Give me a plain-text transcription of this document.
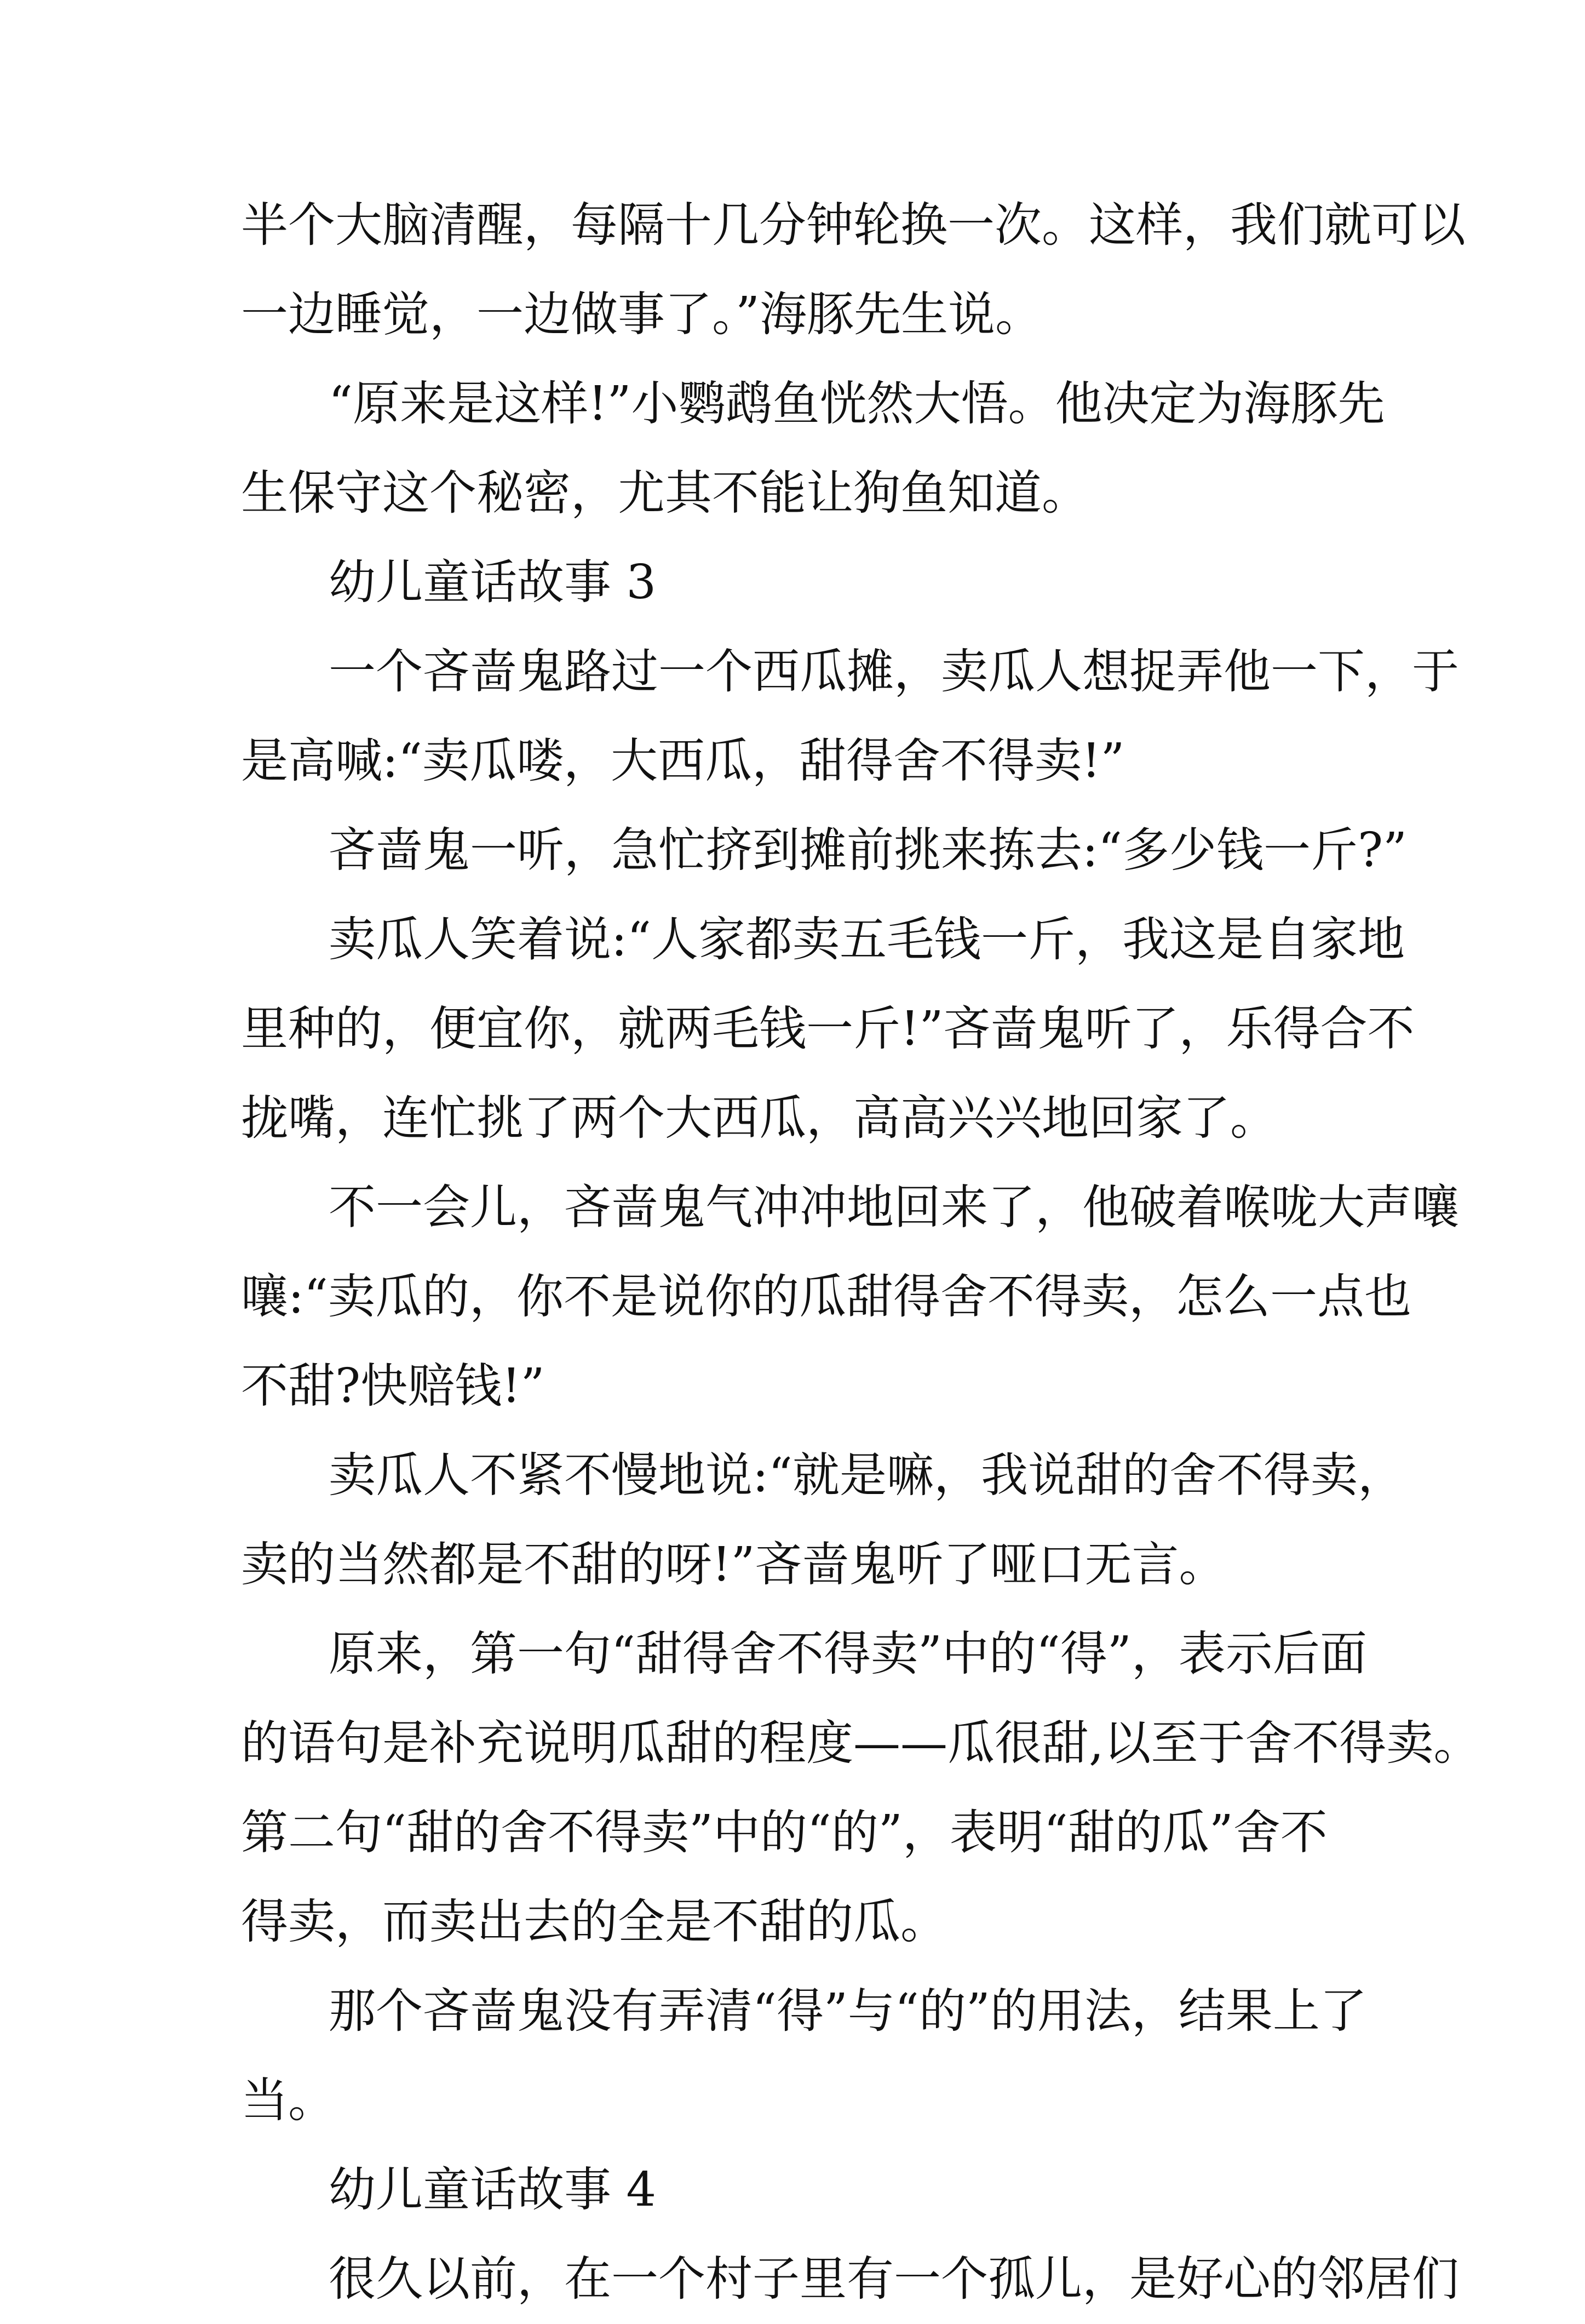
半个大脑清醒，每隔十几分钟轮换一次。这样，我们就可以
一边睡觉，一边做事了。”海豚先生说。
“原来是这样!”小鹦鹉鱼恍然大悟。他决定为海豚先
生保守这个秘密，尤其不能让狗鱼知道。
幼儿童话故事 3
一个吝啬鬼路过一个西瓜摊，卖瓜人想捉弄他一下，于
是高喊:“卖瓜喽，大西瓜，甜得舍不得卖!”
吝啬鬼一听，急忙挤到摊前挑来拣去:“多少钱一斤?”
卖瓜人笑着说:“人家都卖五毛钱一斤，我这是自家地
里种的，便宜你，就两毛钱一斤!”吝啬鬼听了，乐得合不
拢嘴，连忙挑了两个大西瓜，高高兴兴地回家了。
不一会儿，吝啬鬼气冲冲地回来了，他破着喉咙大声嚷
嚷:“卖瓜的，你不是说你的瓜甜得舍不得卖，怎么一点也
不甜?快赔钱!”
卖瓜人不紧不慢地说:“就是嘛，我说甜的舍不得卖，
卖的当然都是不甜的呀!”吝啬鬼听了哑口无言。
原来，第一句“甜得舍不得卖”中的“得”，表示后面
的语句是补充说明瓜甜的程度——瓜很甜,以至于舍不得卖。
第二句“甜的舍不得卖”中的“的”，表明“甜的瓜”舍不
得卖，而卖出去的全是不甜的瓜。
那个吝啬鬼没有弄清“得”与“的”的用法，结果上了
当。
幼儿童话故事 4
很久以前，在一个村子里有一个孤儿，是好心的邻居们
